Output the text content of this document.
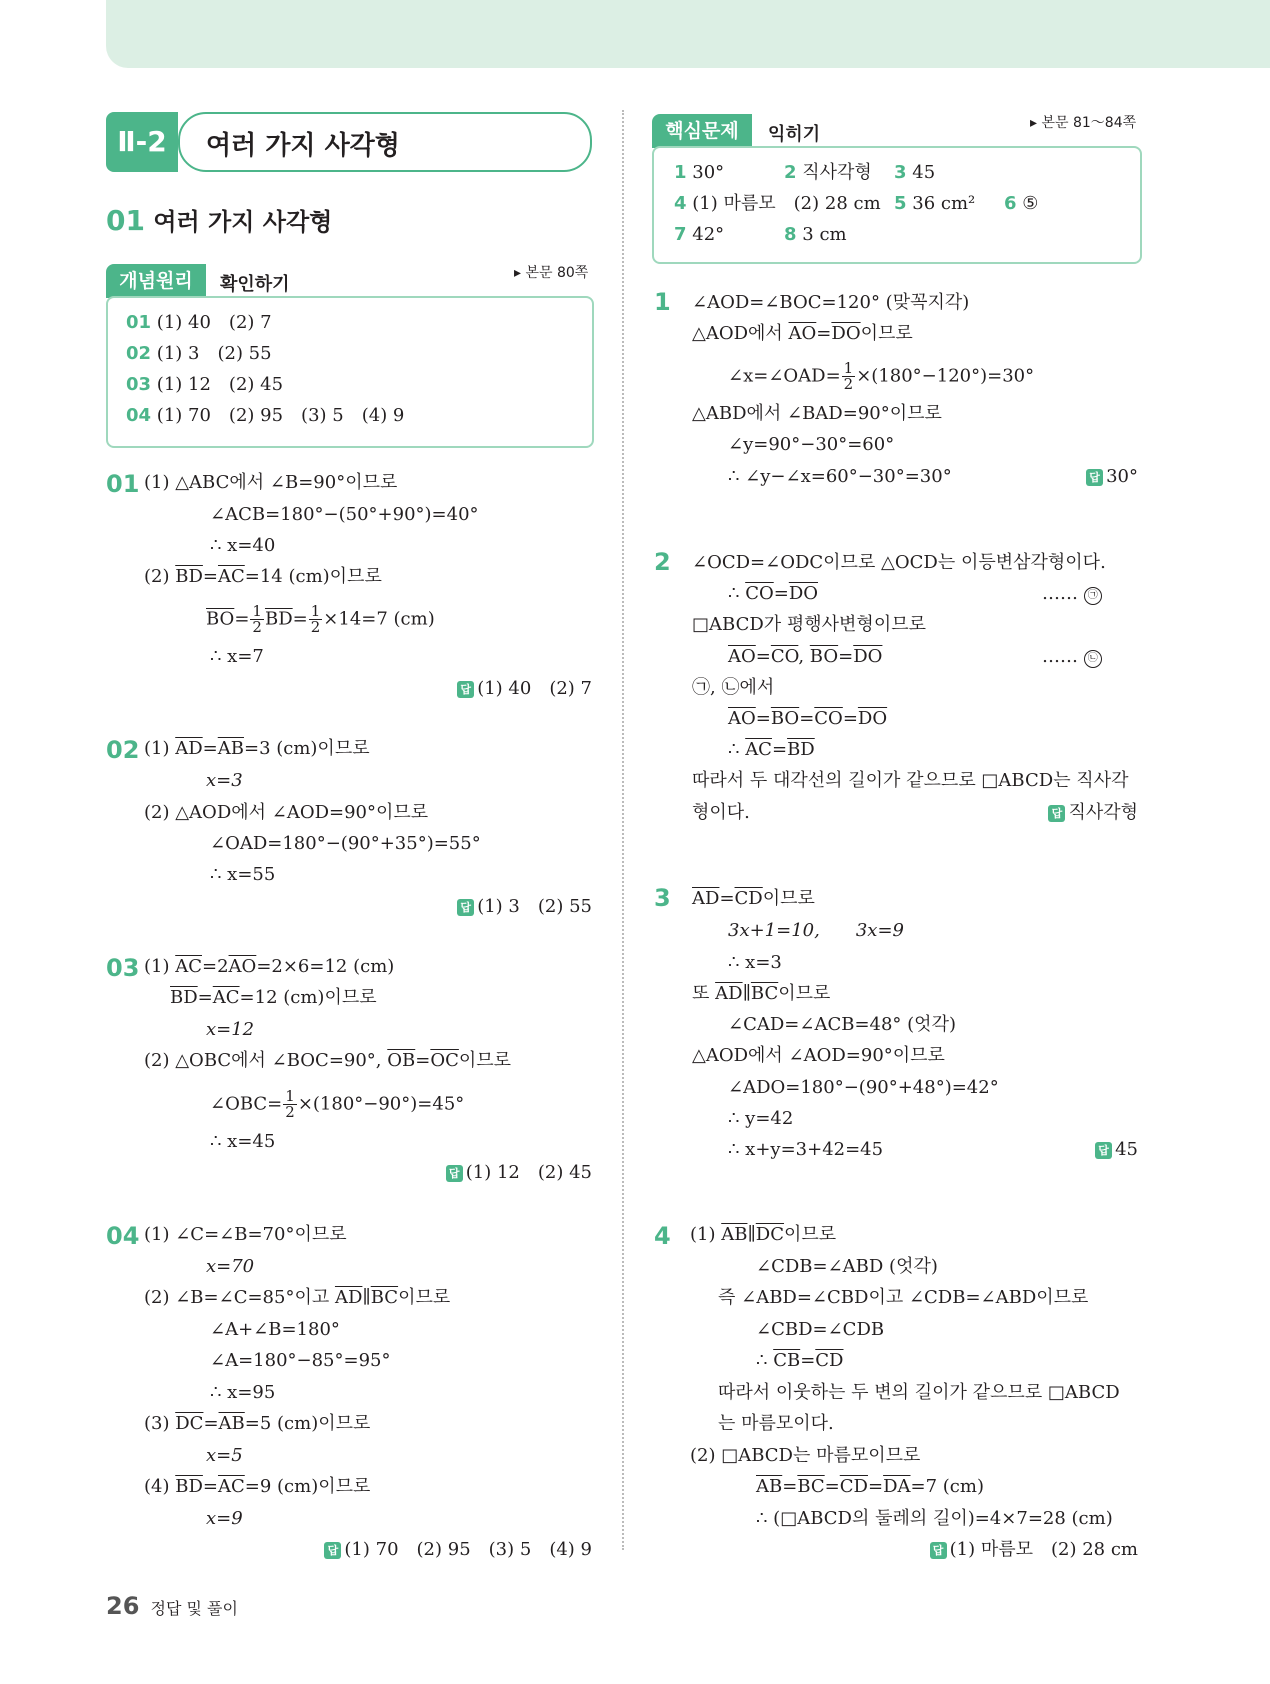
Ⅱ-2	여러 가지 사각형
01 여러 가지 사각형
개념원리	확인하기
▸ 본문 80쪽
01 (1) 40　(2) 7
02 (1) 3　(2) 55
03 (1) 12　(2) 45
04 (1) 70　(2) 95　(3) 5　(4) 9
01 (1) △ABC에서 ∠B=90°이므로
∠ACB=180°−(50°+90°)=40°
∴ x=40
(2) $\overline{BD}=\overline{AC}=14$ (cm)이므로
$\overline{BO}= \frac{1}{2} \overline{BD}= \frac{1}{2} \times 14=7$ (cm)
∴ x=7
답 (1) 40　(2) 7
02 (1) $\overline{AD}=\overline{AB}=3$ (cm)이므로
x=3
(2) △AOD에서 ∠AOD=90°이므로
∠OAD=180°−(90°+35°)=55°
∴ x=55
답 (1) 3　(2) 55
03 (1) $\overline{AC}=2\overline{AO}=2\times 6=12$ (cm)
$\overline{BD}=\overline{AC}=12$ (cm)이므로
x=12
(2) △OBC에서 ∠BOC=90°, $\overline{OB}=\overline{OC}$이므로
∠OBC= $\frac{1}{2} \times(180^\circ-90^\circ)=45^\circ$
∴ x=45
답 (1) 12　(2) 45
04 (1) ∠C=∠B=70°이므로
x=70
(2) ∠B=∠C=85°이고 $\overline{AD}\parallel\overline{BC}$이므로
∠A+∠B=180°
∠A=180°−85°=95°
∴ x=95
(3) $\overline{DC}=\overline{AB}=5$ (cm)이므로
x=5
(4) $\overline{BD}=\overline{AC}=9$ (cm)이므로
x=9
답 (1) 70　(2) 95　(3) 5　(4) 9
핵심문제	익히기
▸ 본문 81～84쪽
1 30°	2 직사각형 3 45
4 (1) 마름모　(2) 28 cm 5 36 cm² 6 ⑤
7 42°	8 3 cm
1 ∠AOD=∠BOC=120° (맞꼭지각)
△AOD에서 $\overline{AO}=\overline{DO}$이므로
∠x=∠OAD= $\frac{1}{2} \times(180^\circ-120^\circ)=30^\circ$
△ABD에서 ∠BAD=90°이므로
∠y=90°−30°=60°
∴ ∠y−∠x=60°−30°=30°	답 30°
2 ∠OCD=∠ODC이므로 △OCD는 이등변삼각형이다.
∴ $\overline{CO}=\overline{DO}$	…… ㉠
□ABCD가 평행사변형이므로
$\overline{AO}=\overline{CO}$, $\overline{BO}=\overline{DO}$	…… ㉡
㉠, ㉡에서
$\overline{AO}=\overline{BO}=\overline{CO}=\overline{DO}$
∴ $\overline{AC}=\overline{BD}$
따라서 두 대각선의 길이가 같으므로 □ABCD는 직사각
형이다.	답 직사각형
3 $\overline{AD}=\overline{CD}$이므로
3x+1=10,　　3x=9
∴ x=3
또 $\overline{AD}\parallel\overline{BC}$이므로
∠CAD=∠ACB=48° (엇각)
△AOD에서 ∠AOD=90°이므로
∠ADO=180°−(90°+48°)=42°
∴ y=42
∴ x+y=3+42=45	답 45
4 (1) $\overline{AB}\parallel\overline{DC}$이므로
∠CDB=∠ABD (엇각)
즉 ∠ABD=∠CBD이고 ∠CDB=∠ABD이므로
∠CBD=∠CDB
∴ $\overline{CB}=\overline{CD}$
따라서 이웃하는 두 변의 길이가 같으므로 □ABCD
는 마름모이다.
(2) □ABCD는 마름모이므로
$\overline{AB}=\overline{BC}=\overline{CD}=\overline{DA}=7$ (cm)
∴ (□ABCD의 둘레의 길이)=4×7=28 (cm)
답 (1) 마름모　(2) 28 cm
26 정답 및 풀이
